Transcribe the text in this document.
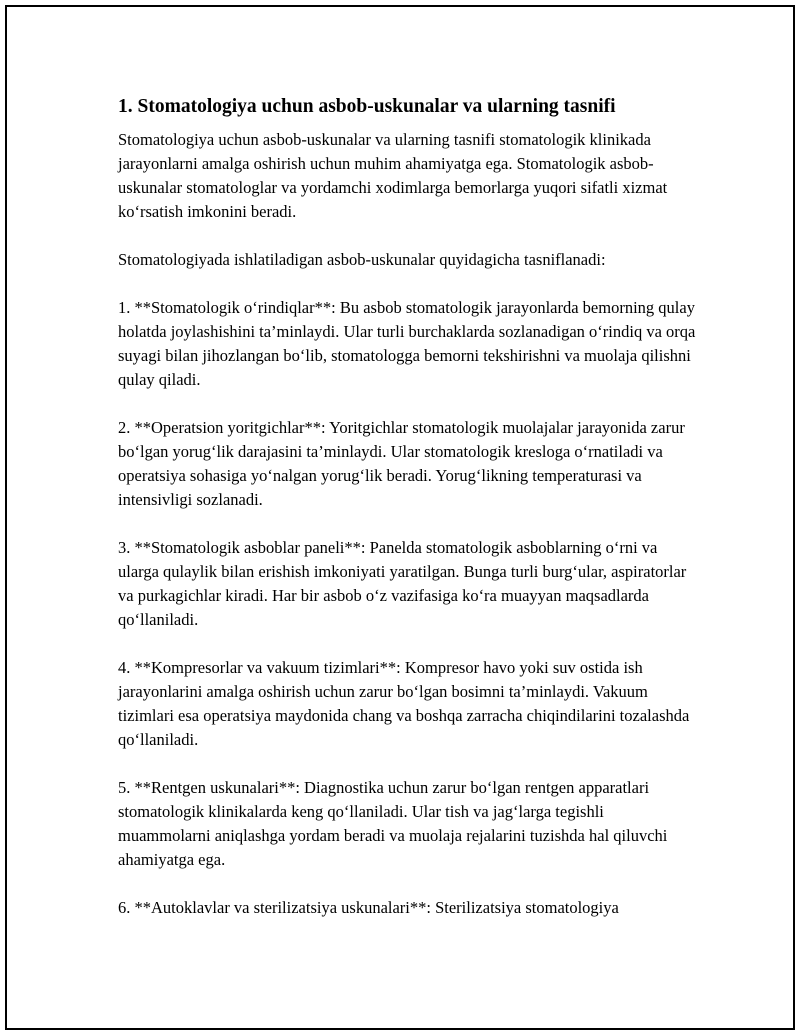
1. Stomatologiya uchun asbob-uskunalar va ularning tasnifi

Stomatologiya uchun asbob-uskunalar va ularning tasnifi stomatologik klinikada jarayonlarni amalga oshirish uchun muhim ahamiyatga ega. Stomatologik asbob-uskunalar stomatologlar va yordamchi xodimlarga bemorlarga yuqori sifatli xizmat ko‘rsatish imkonini beradi.

Stomatologiyada ishlatiladigan asbob-uskunalar quyidagicha tasniflanadi:

1. **Stomatologik o‘rindiqlar**: Bu asbob stomatologik jarayonlarda bemorning qulay holatda joylashishini ta’minlaydi. Ular turli burchaklarda sozlanadigan o‘rindiq va orqa suyagi bilan jihozlangan bo‘lib, stomatologga bemorni tekshirishni va muolaja qilishni qulay qiladi.

2. **Operatsion yoritgichlar**: Yoritgichlar stomatologik muolajalar jarayonida zarur bo‘lgan yorug‘lik darajasini ta’minlaydi. Ular stomatologik kresloga o‘rnatiladi va operatsiya sohasiga yo‘nalgan yorug‘lik beradi. Yorug‘likning temperaturasi va intensivligi sozlanadi.

3. **Stomatologik asboblar paneli**: Panelda stomatologik asboblarning o‘rni va ularga qulaylik bilan erishish imkoniyati yaratilgan. Bunga turli burg‘ular, aspiratorlar va purkagichlar kiradi. Har bir asbob o‘z vazifasiga ko‘ra muayyan maqsadlarda qo‘llaniladi.

4. **Kompresorlar va vakuum tizimlari**: Kompresor havo yoki suv ostida ish jarayonlarini amalga oshirish uchun zarur bo‘lgan bosimni ta’minlaydi. Vakuum tizimlari esa operatsiya maydonida chang va boshqa zarracha chiqindilarini tozalashda qo‘llaniladi.

5. **Rentgen uskunalari**: Diagnostika uchun zarur bo‘lgan rentgen apparatlari stomatologik klinikalarda keng qo‘llaniladi. Ular tish va jag‘larga tegishli muammolarni aniqlashga yordam beradi va muolaja rejalarini tuzishda hal qiluvchi ahamiyatga ega.

6. **Autoklavlar va sterilizatsiya uskunalari**: Sterilizatsiya stomatologiya
